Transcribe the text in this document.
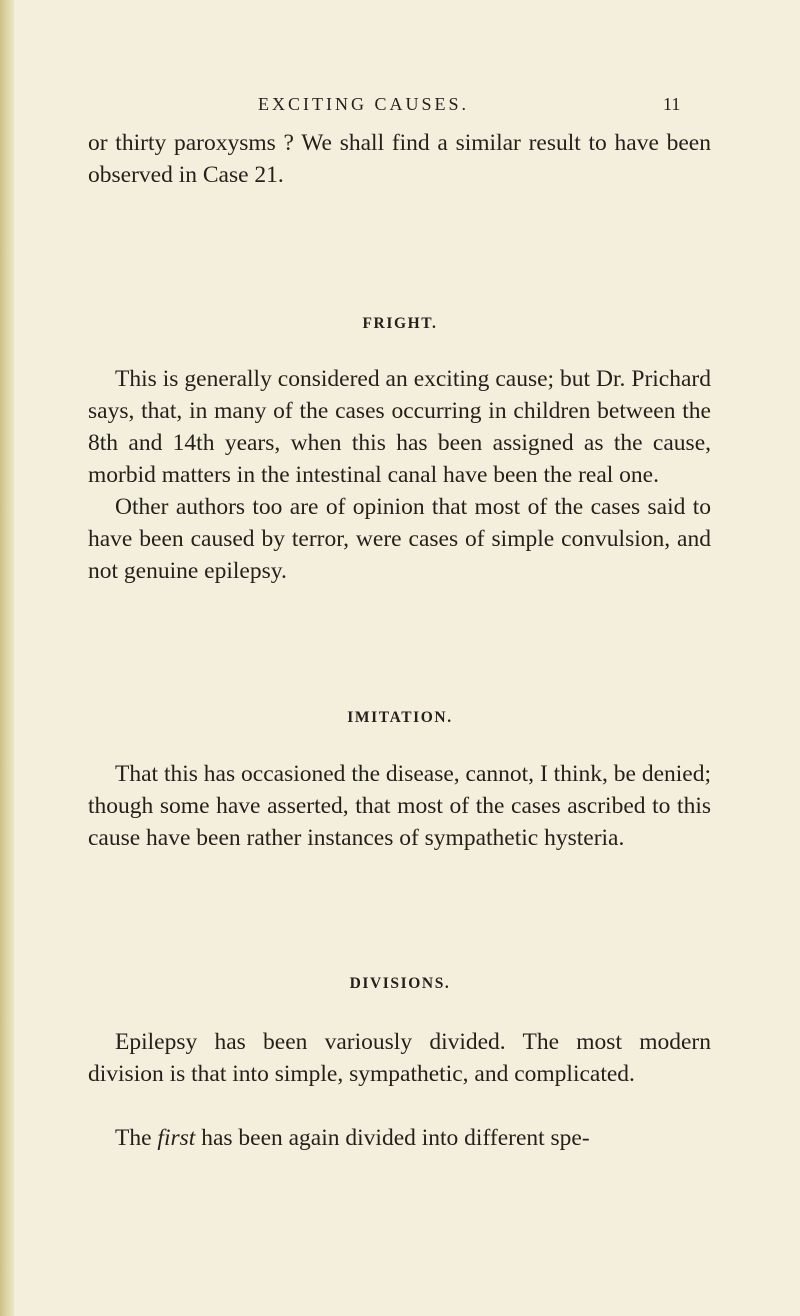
EXCITING CAUSES.	11

or thirty paroxysms ? We shall find a similar result to have been observed in Case 21.

FRIGHT.

This is generally considered an exciting cause; but Dr. Prichard says, that, in many of the cases occurring in children between the 8th and 14th years, when this has been assigned as the cause, morbid matters in the intestinal canal have been the real one.

Other authors too are of opinion that most of the cases said to have been caused by terror, were cases of simple convulsion, and not genuine epilepsy.

IMITATION.

That this has occasioned the disease, cannot, I think, be denied; though some have asserted, that most of the cases ascribed to this cause have been rather instances of sympathetic hysteria.

DIVISIONS.

Epilepsy has been variously divided. The most modern division is that into simple, sympathetic, and complicated.

The first has been again divided into different spe-
